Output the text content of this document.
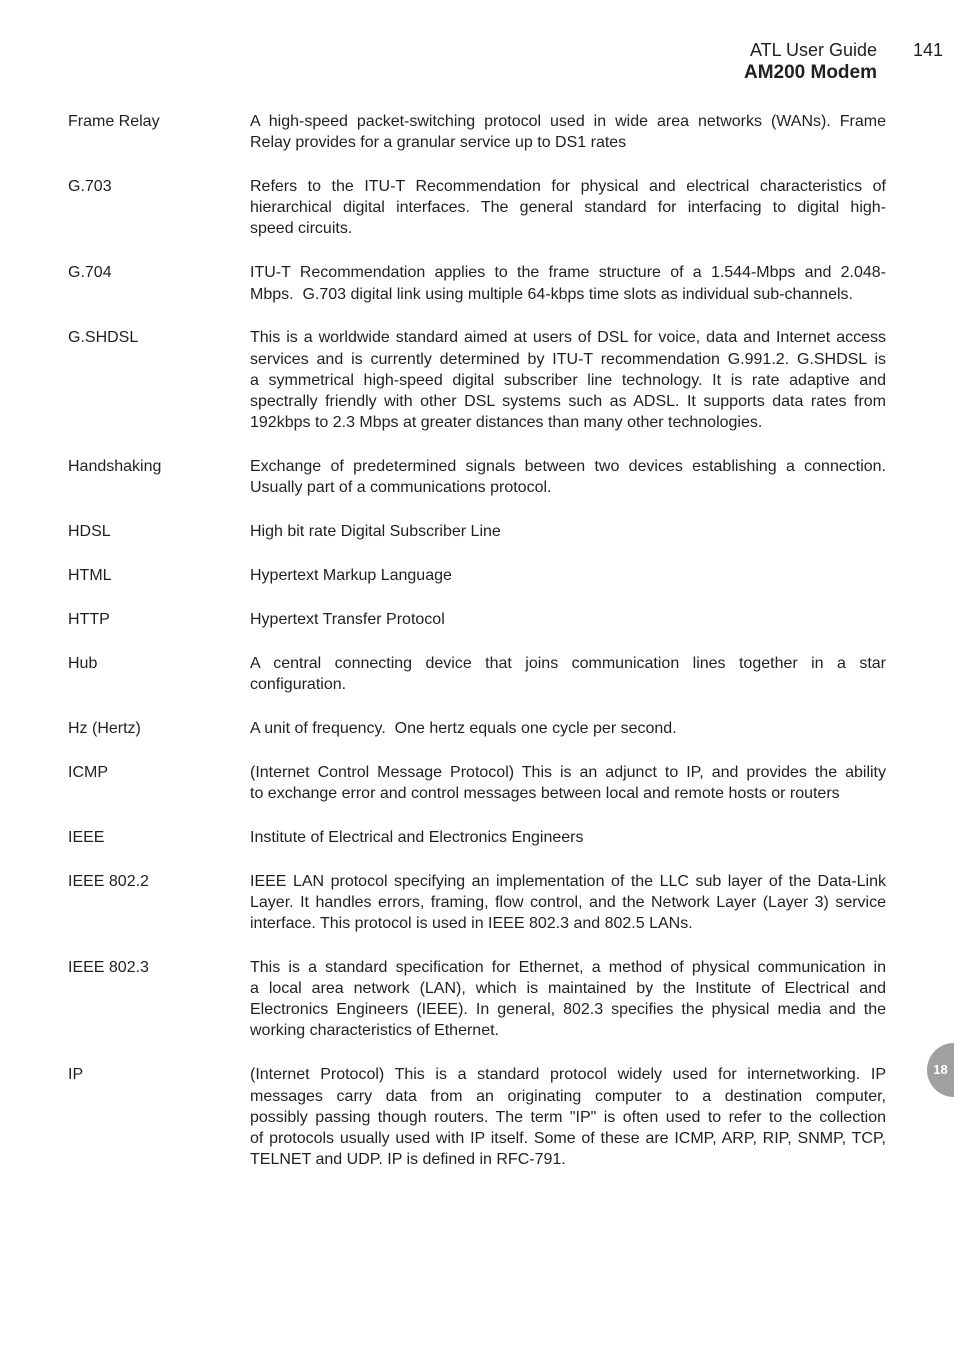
ATL User Guide 141
AM200 Modem
Frame Relay	A high-speed packet-switching protocol used in wide area networks (WANs). Frame
Relay provides for a granular service up to DS1 rates
G.703	Refers to the ITU-T Recommendation for physical and electrical characteristics of
hierarchical digital interfaces. The general standard for interfacing to digital high-
speed circuits.
G.704	ITU-T Recommendation applies to the frame structure of a 1.544-Mbps and 2.048-
Mbps.  G.703 digital link using multiple 64-kbps time slots as individual sub-channels.
G.SHDSL	This is a worldwide standard aimed at users of DSL for voice, data and Internet access
services and is currently determined by ITU-T recommendation G.991.2. G.SHDSL is
a symmetrical high-speed digital subscriber line technology. It is rate adaptive and
spectrally friendly with other DSL systems such as ADSL. It supports data rates from
192kbps to 2.3 Mbps at greater distances than many other technologies.
Handshaking	Exchange of predetermined signals between two devices establishing a connection.
Usually part of a communications protocol.
HDSL	High bit rate Digital Subscriber Line
HTML	Hypertext Markup Language
HTTP	Hypertext Transfer Protocol
Hub	A central connecting device that joins communication lines together in a star
configuration.
Hz (Hertz)	A unit of frequency.  One hertz equals one cycle per second.
ICMP	(Internet Control Message Protocol) This is an adjunct to IP, and provides the ability
to exchange error and control messages between local and remote hosts or routers
IEEE	Institute of Electrical and Electronics Engineers
IEEE 802.2	IEEE LAN protocol specifying an implementation of the LLC sub layer of the Data-Link
Layer. It handles errors, framing, flow control, and the Network Layer (Layer 3) service
interface. This protocol is used in IEEE 802.3 and 802.5 LANs.
IEEE 802.3	This is a standard specification for Ethernet, a method of physical communication in
a local area network (LAN), which is maintained by the Institute of Electrical and
Electronics Engineers (IEEE). In general, 802.3 specifies the physical media and the
working characteristics of Ethernet.
IP	(Internet Protocol) This is a standard protocol widely used for internetworking. IP
messages carry data from an originating computer to a destination computer,
possibly passing though routers. The term "IP" is often used to refer to the collection
of protocols usually used with IP itself. Some of these are ICMP, ARP, RIP, SNMP, TCP,
TELNET and UDP. IP is defined in RFC-791.
18
